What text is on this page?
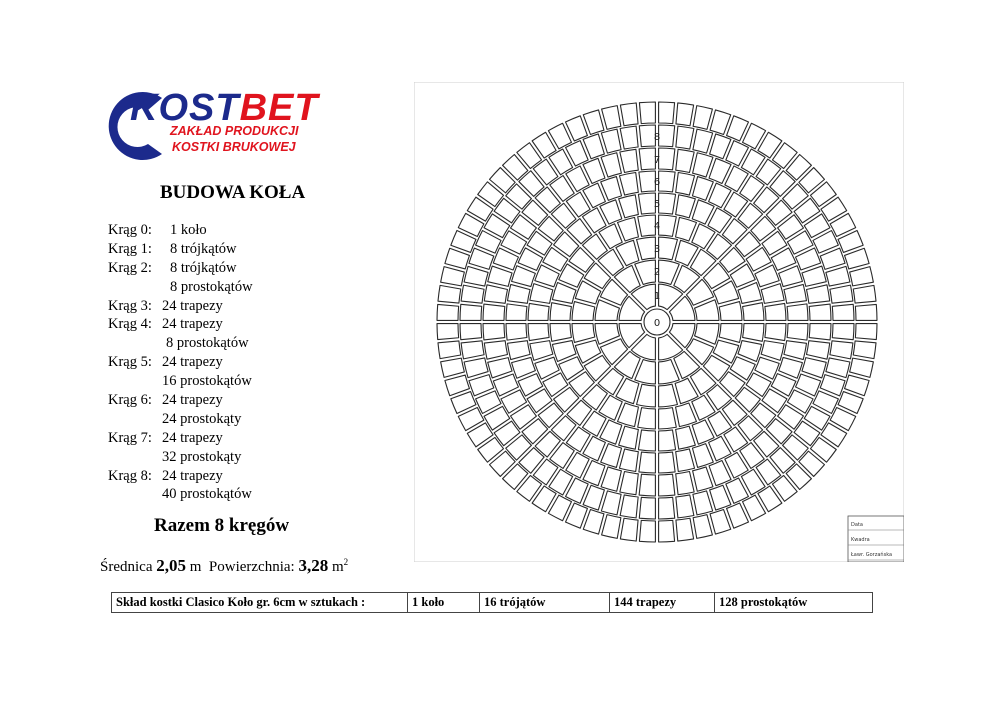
KOSTBET
ZAKŁAD PRODUKCJI
KOSTKI BRUKOWEJ
BUDOWA KOŁA
Krąg 0: 1 koło
Krąg 1: 8 trójkątów
Krąg 2: 8 trójkątów
8 prostokątów
Krąg 3: 24 trapezy
Krąg 4: 24 trapezy
8 prostokątów
Krąg 5: 24 trapezy
16 prostokątów
Krąg 6: 24 trapezy
24 prostokąty
Krąg 7: 24 trapezy
32 prostokąty
Krąg 8: 24 trapezy
40 prostokątów
Razem 8 kręgów
Średnica 2,05 m Powierzchnia: 3,28 $m^2$
0
1
2
3
4
5
6
7
8
Data
Kwadra
Ławr. Gorzańska
Skład kostki Clasico Koło gr. 6cm w sztukach :	1 koło	16 trójątów	144 trapezy	128 prostokątów
